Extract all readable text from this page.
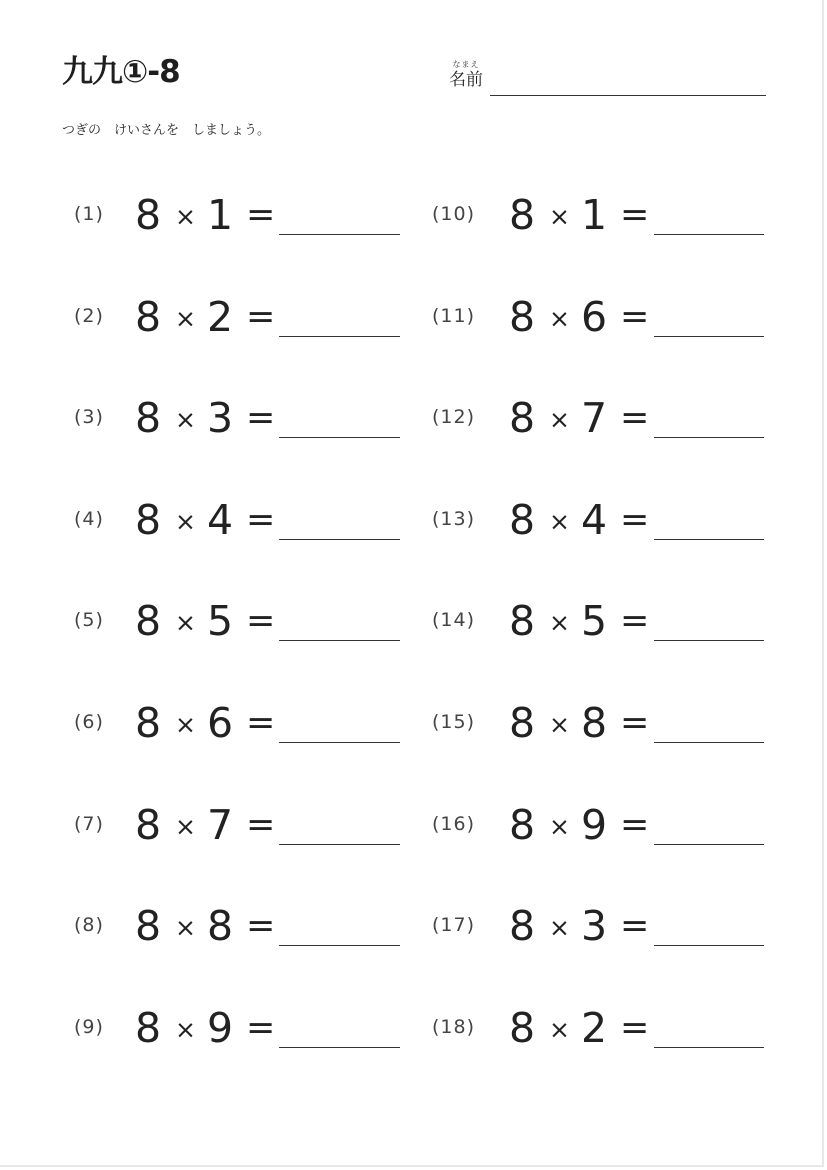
九九①-8	なまえ
名前
つぎの　けいさんを　しましょう。
(1) 8 × 1 =
(2) 8 × 2 =
(3) 8 × 3 =
(4) 8 × 4 =
(5) 8 × 5 =
(6) 8 × 6 =
(7) 8 × 7 =
(8) 8 × 8 =
(9) 8 × 9 =
(10) 8 × 1 =
(11) 8 × 6 =
(12) 8 × 7 =
(13) 8 × 4 =
(14) 8 × 5 =
(15) 8 × 8 =
(16) 8 × 9 =
(17) 8 × 3 =
(18) 8 × 2 =
